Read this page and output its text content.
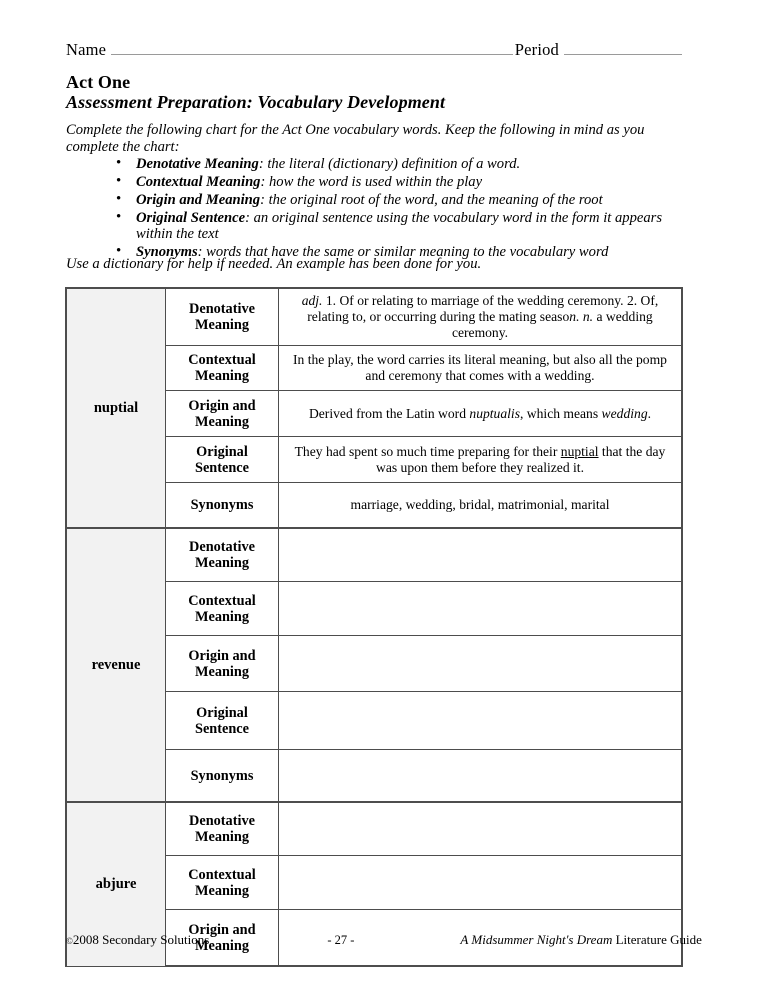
Name	Period
Act One
Assessment Preparation: Vocabulary Development

Complete the following chart for the Act One vocabulary words. Keep the following in mind as you complete the chart:

• Denotative Meaning: the literal (dictionary) definition of a word.
• Contextual Meaning: how the word is used within the play
• Origin and Meaning: the original root of the word, and the meaning of the root
• Original Sentence: an original sentence using the vocabulary word in the form it appears within the text
• Synonyms: words that have the same or similar meaning to the vocabulary word
Use a dictionary for help if needed. An example has been done for you.
nuptial	Denotative Meaning	adj. 1. Of or relating to marriage of the wedding ceremony. 2. Of, relating to, or occurring during the mating season. n. a wedding ceremony.
	Contextual Meaning	In the play, the word carries its literal meaning, but also all the pomp and ceremony that comes with a wedding.
	Origin and Meaning	Derived from the Latin word nuptualis, which means wedding.
	Original Sentence	They had spent so much time preparing for their nuptial that the day was upon them before they realized it.
	Synonyms	marriage, wedding, bridal, matrimonial, marital
revenue	Denotative Meaning	
	Contextual Meaning	
	Origin and Meaning	
	Original Sentence	
	Synonyms	
abjure	Denotative Meaning	
	Contextual Meaning	
	Origin and Meaning	
©2008 Secondary Solutions	- 27 -	A Midsummer Night's Dream Literature Guide
